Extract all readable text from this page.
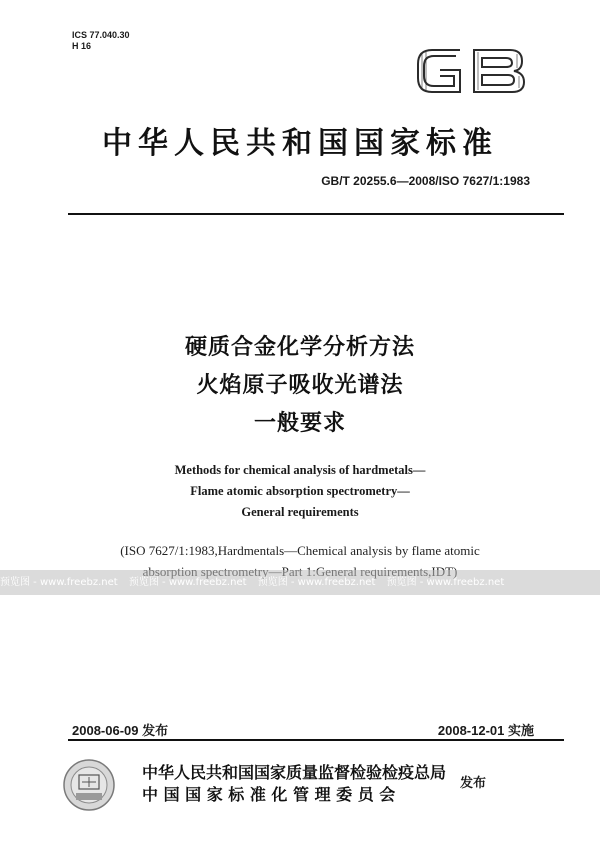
ICS 77.040.30
H 16
中华人民共和国国家标准
GB/T 20255.6—2008/ISO 7627/1:1983
硬质合金化学分析方法
火焰原子吸收光谱法
一般要求
Methods for chemical analysis of hardmetals—
Flame atomic absorption spectrometry—
General requirements
(ISO 7627/1:1983,Hardmentals—Chemical analysis by flame atomic
预览图 - www.freebz.net 预览图 - www.freebz.net 预览图 - www.freebz.net 预览图 - www.freebz.net
2008-06-09 发布	2008-12-01 实施
中华人民共和国国家质量监督检验检疫总局
中 国 国 家 标 准 化 管 理 委 员 会
发布
